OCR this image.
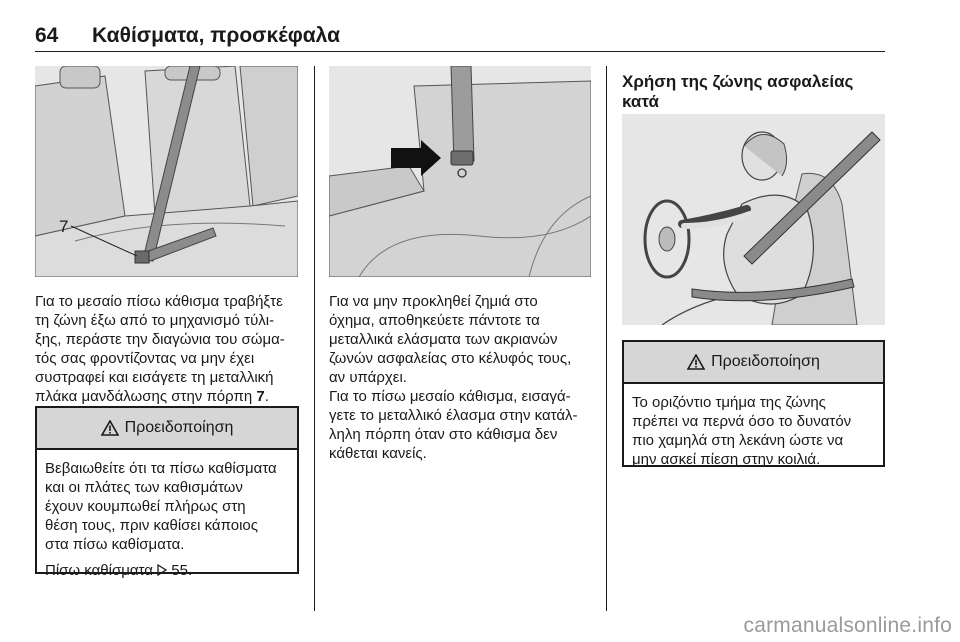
64 Καθίσματα, προσκέφαλα
7

Για το μεσαίο πίσω κάθισμα τραβήξτε
τη ζώνη έξω από το μηχανισμό τύλι-
ξης, περάστε την διαγώνια του σώμα-
τός σας φροντίζοντας να μην έχει
συστραφεί και εισάγετε τη μεταλλική
πλάκα μανδάλωσης στην πόρπη 7.

Προειδοποίηση

Βεβαιωθείτε ότι τα πίσω καθίσματα
και οι πλάτες των καθισμάτων
έχουν κουμπωθεί πλήρως στη
θέση τους, πριν καθίσει κάποιος
στα πίσω καθίσματα.

Πίσω καθίσματα 55.

Για να μην προκληθεί ζημιά στο
όχημα, αποθηκεύετε πάντοτε τα
μεταλλικά ελάσματα των ακριανών
ζωνών ασφαλείας στο κέλυφός τους,
αν υπάρχει.

Για το πίσω μεσαίο κάθισμα, εισαγά-
γετε το μεταλλικό έλασμα στην κατάλ-
ληλη πόρπη όταν στο κάθισμα δεν
κάθεται κανείς.

Χρήση της ζώνης ασφαλείας κατά

Προειδοποίηση

Το οριζόντιο τμήμα της ζώνης
πρέπει να περνά όσο το δυνατόν
πιο χαμηλά στη λεκάνη ώστε να
μην ασκεί πίεση στην κοιλιά.

carmanualsonline.info
